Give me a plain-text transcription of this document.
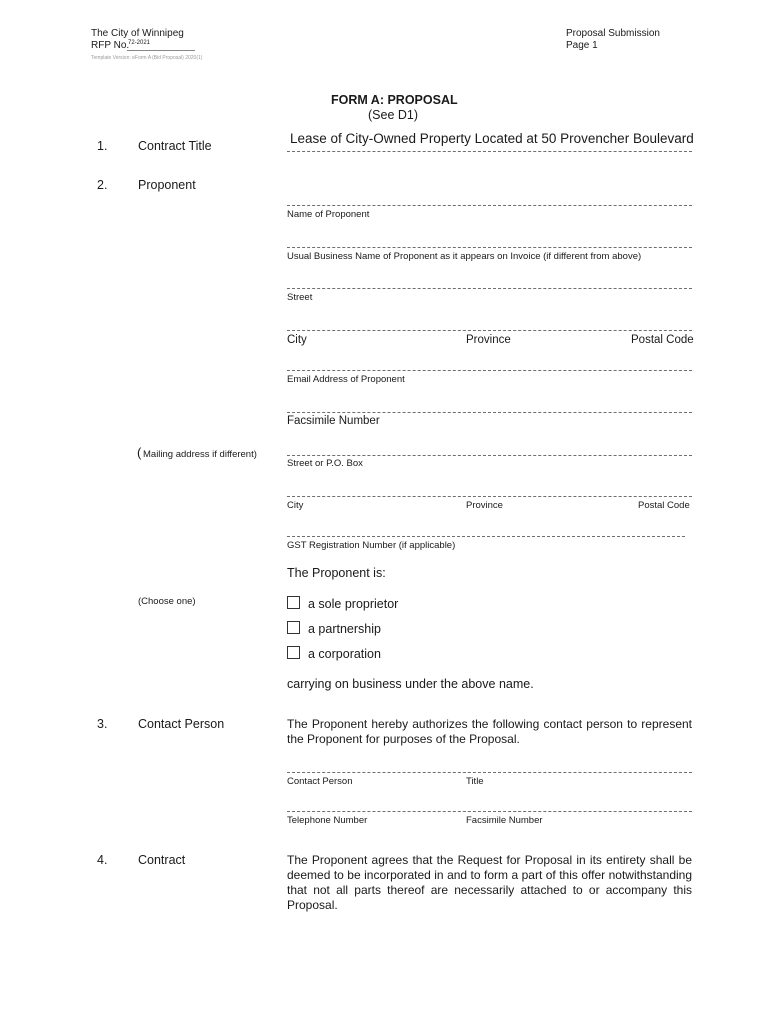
The City of Winnipeg
RFP No.
72-2021
Template Version: eForm A (Bid Proposal) 2020(1)
Proposal Submission
Page 1
FORM A: PROPOSAL
(See D1)
1. Contract Title	Lease of City-Owned Property Located at 50 Provencher Boulevard
2. Proponent
Name of Proponent
Usual Business Name of Proponent as it appears on Invoice (if different from above)
Street
City	Province	Postal Code
Email Address of Proponent
Facsimile Number
( Mailing address if different)
Street or P.O. Box
City	Province	Postal Code
GST Registration Number (if applicable)
The Proponent is:
(Choose one)	a sole proprietor
a partnership
a corporation
carrying on business under the above name.
3. Contact Person	The Proponent hereby authorizes the following contact person to represent the Proponent for purposes of the Proposal.
Contact Person	Title
Telephone Number	Facsimile Number
4. Contract	The Proponent agrees that the Request for Proposal in its entirety shall be deemed to be incorporated in and to form a part of this offer notwithstanding that not all parts thereof are necessarily attached to or accompany this Proposal.
